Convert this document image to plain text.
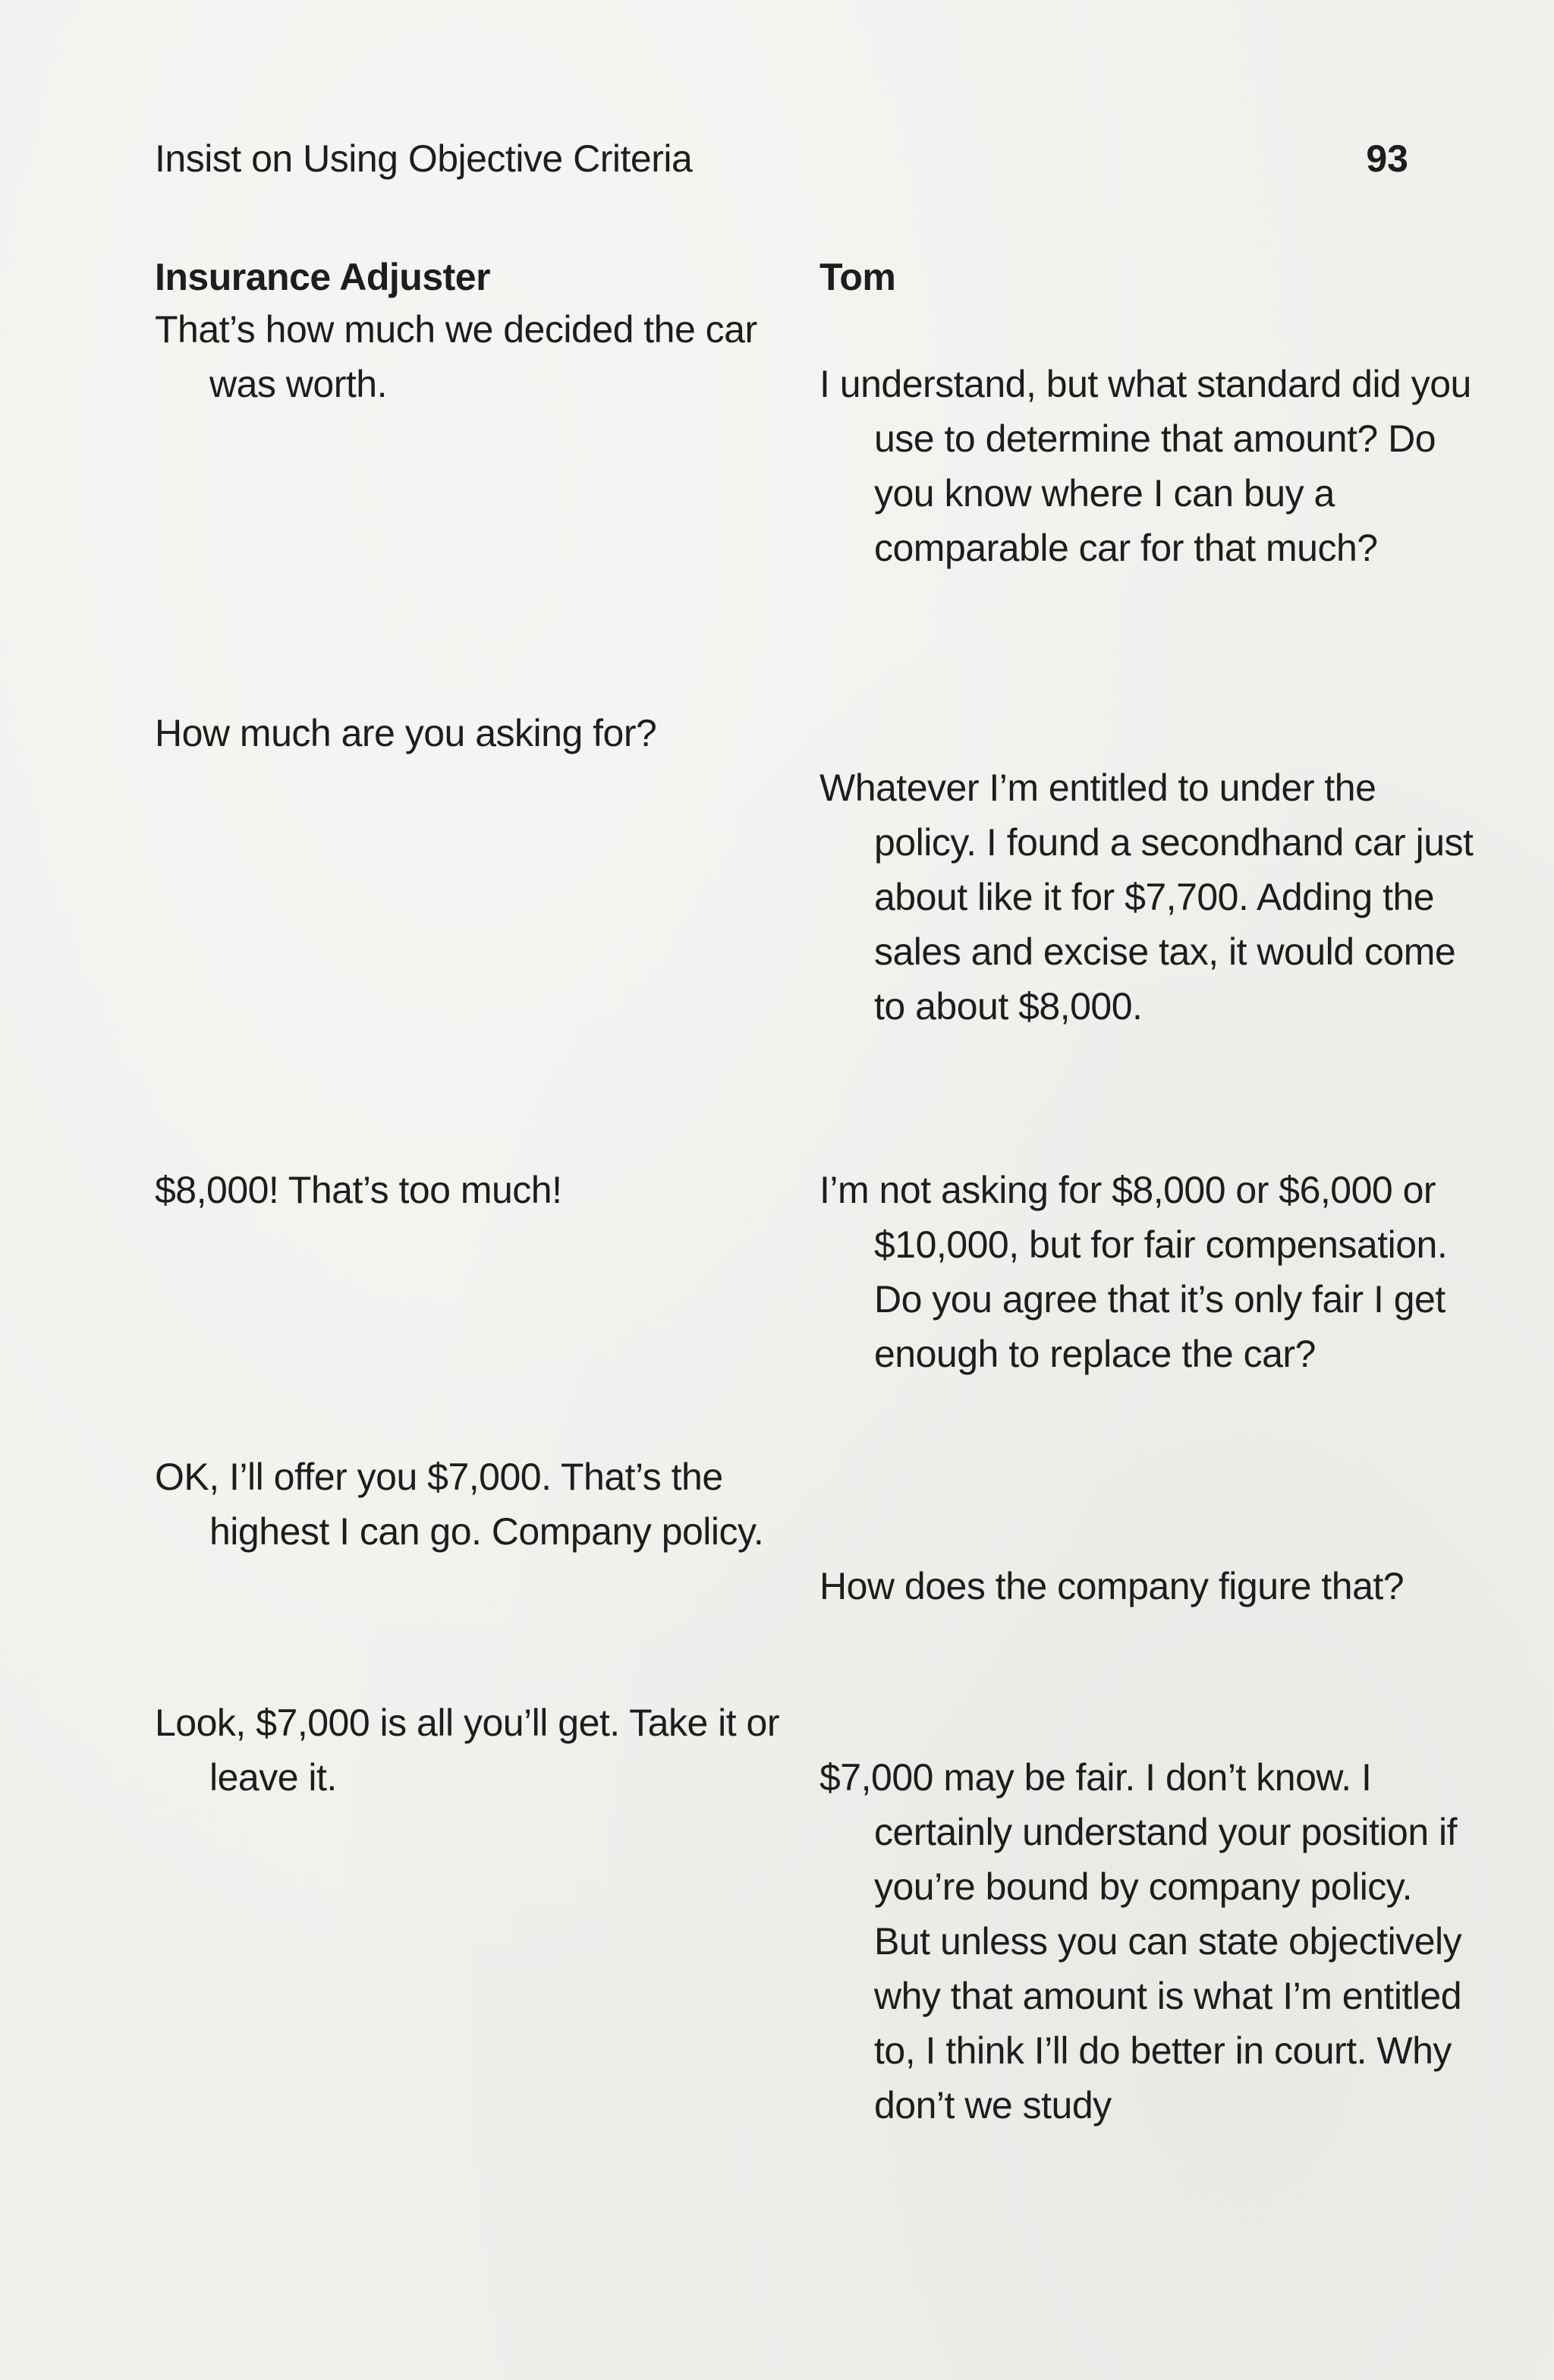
Insist on Using Objective Criteria	93
Insurance Adjuster
That’s how much we decided the car was worth.
How much are you asking for?
$8,000! That’s too much!
OK, I’ll offer you $7,000. That’s the highest I can go. Company policy.
Look, $7,000 is all you’ll get. Take it or leave it.
Tom
I understand, but what standard did you use to determine that amount? Do you know where I can buy a comparable car for that much?
Whatever I’m entitled to under the policy. I found a secondhand car just about like it for $7,700. Adding the sales and excise tax, it would come to about $8,000.
I’m not asking for $8,000 or $6,000 or $10,000, but for fair compensation. Do you agree that it’s only fair I get enough to replace the car?
How does the company figure that?
$7,000 may be fair. I don’t know. I certainly understand your position if you’re bound by company policy. But unless you can state objectively why that amount is what I’m entitled to, I think I’ll do better in court. Why don’t we study
